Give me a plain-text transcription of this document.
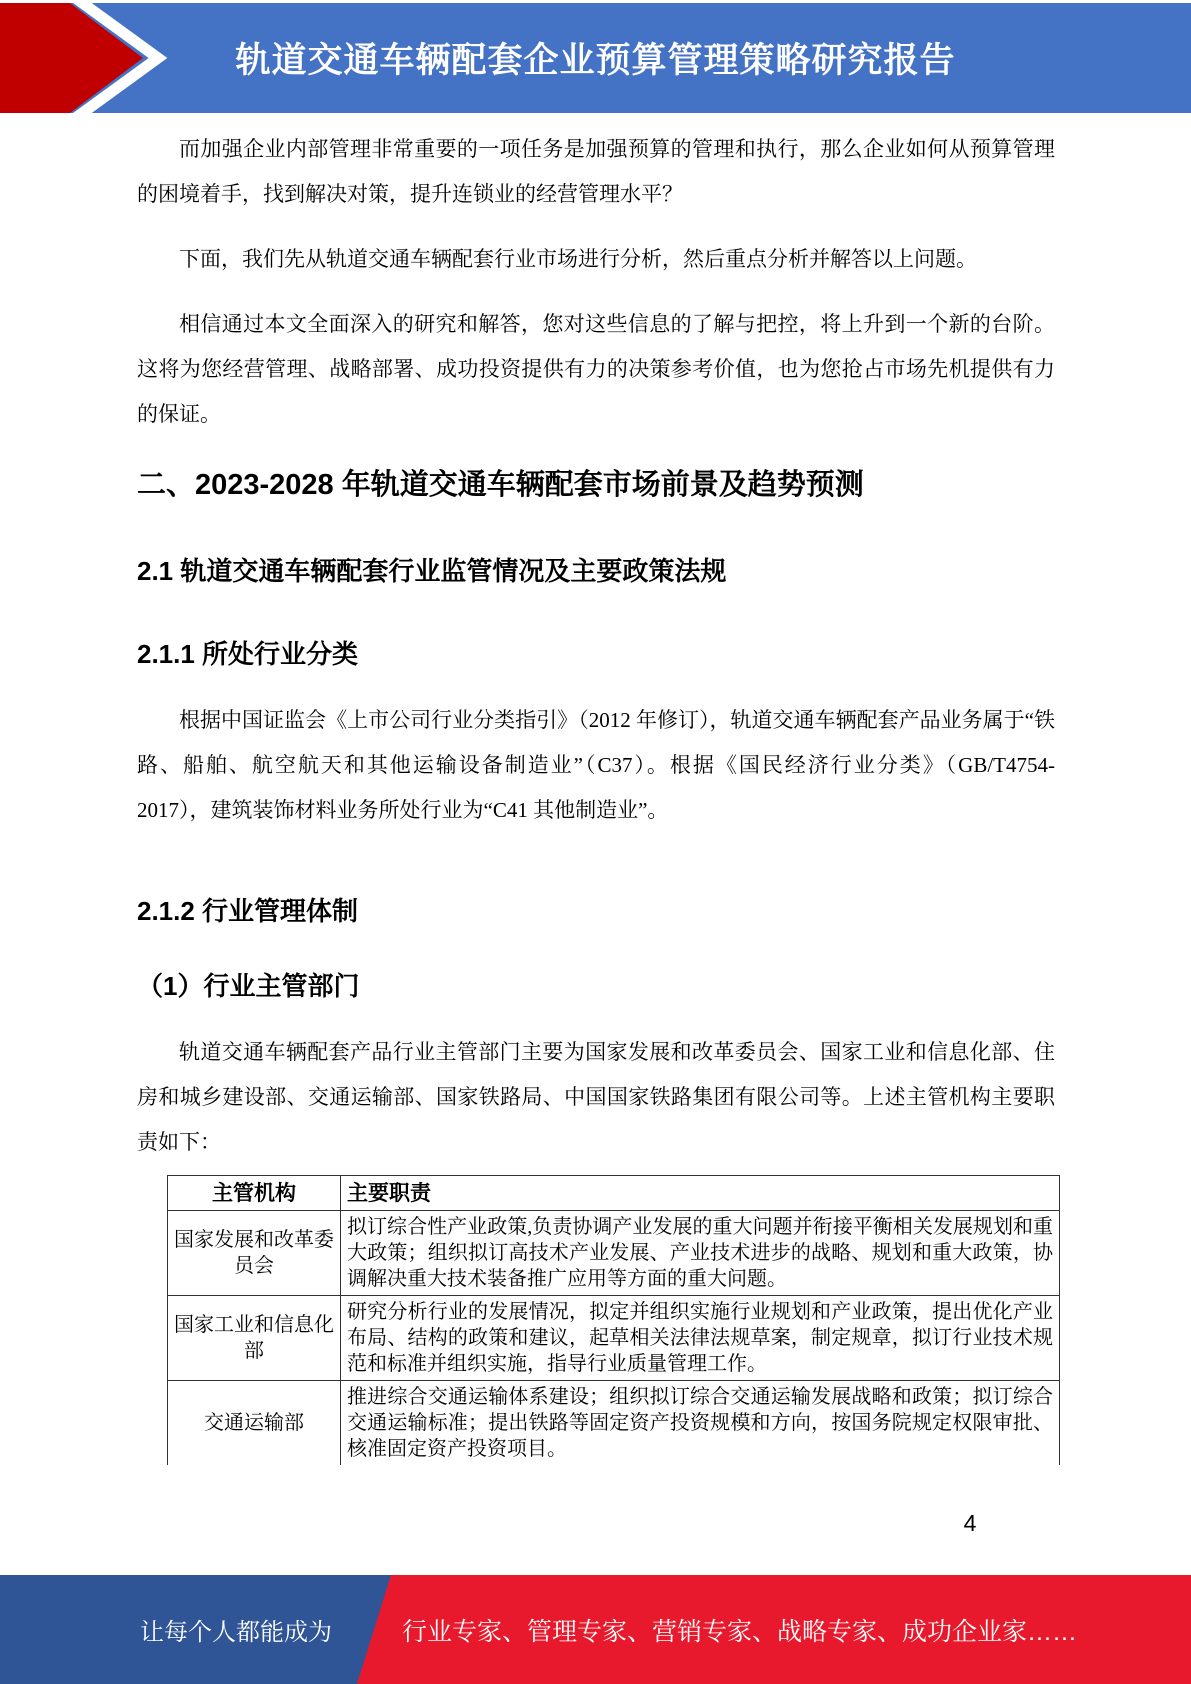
轨道交通车辆配套企业预算管理策略研究报告

而加强企业内部管理非常重要的一项任务是加强预算的管理和执行，那么企业如何从预算管理的困境着手，找到解决对策，提升连锁业的经营管理水平？

下面，我们先从轨道交通车辆配套行业市场进行分析，然后重点分析并解答以上问题。

相信通过本文全面深入的研究和解答，您对这些信息的了解与把控，将上升到一个新的台阶。这将为您经营管理、战略部署、成功投资提供有力的决策参考价值，也为您抢占市场先机提供有力的保证。

二、2023-2028 年轨道交通车辆配套市场前景及趋势预测
2.1 轨道交通车辆配套行业监管情况及主要政策法规
2.1.1 所处行业分类

根据中国证监会《上市公司行业分类指引》（2012 年修订），轨道交通车辆配套产品业务属于“铁路、船舶、航空航天和其他运输设备制造业”（C37）。根据《国民经济行业分类》（GB/T4754-2017），建筑装饰材料业务所处行业为“C41 其他制造业”。

2.1.2 行业管理体制
（1）行业主管部门

轨道交通车辆配套产品行业主管部门主要为国家发展和改革委员会、国家工业和信息化部、住房和城乡建设部、交通运输部、国家铁路局、中国国家铁路集团有限公司等。上述主管机构主要职责如下：

主管机构	主要职责
国家发展和改革委员会	拟订综合性产业政策,负责协调产业发展的重大问题并衔接平衡相关发展规划和重大政策；组织拟订高技术产业发展、产业技术进步的战略、规划和重大政策，协调解决重大技术装备推广应用等方面的重大问题。
国家工业和信息化部	研究分析行业的发展情况，拟定并组织实施行业规划和产业政策，提出优化产业布局、结构的政策和建议，起草相关法律法规草案，制定规章，拟订行业技术规范和标准并组织实施，指导行业质量管理工作。
交通运输部	推进综合交通运输体系建设；组织拟订综合交通运输发展战略和政策；拟订综合交通运输标准；提出铁路等固定资产投资规模和方向，按国务院规定权限审批、核准固定资产投资项目。
4
让每个人都能成为	行业专家、管理专家、营销专家、战略专家、成功企业家……
